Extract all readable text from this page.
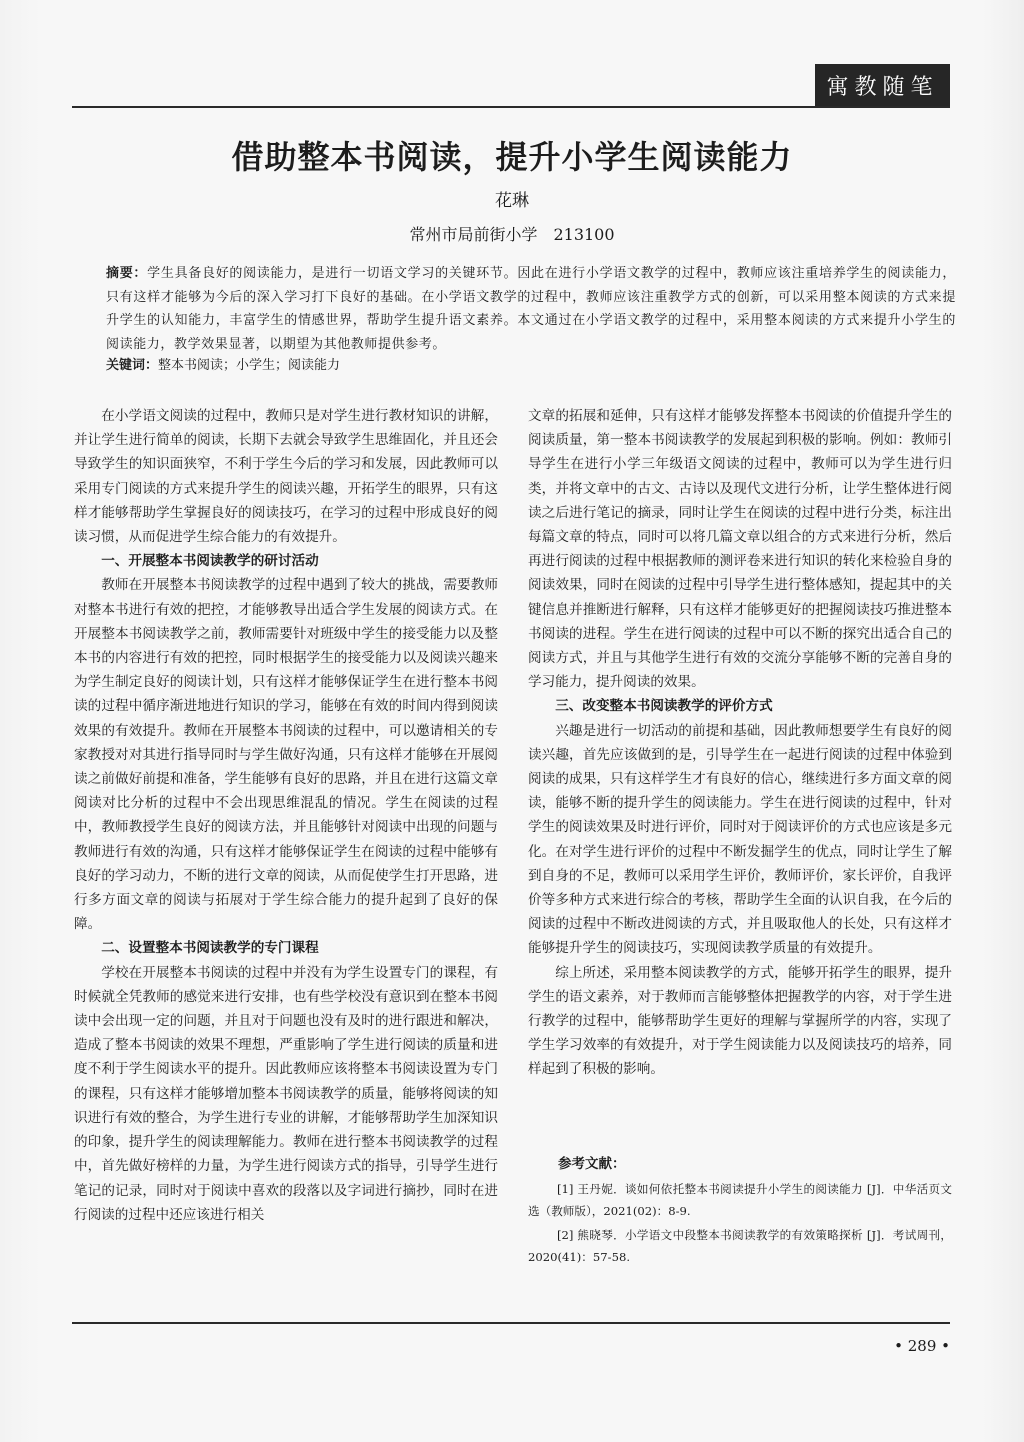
寓教随笔
借助整本书阅读，提升小学生阅读能力
花琳
常州市局前街小学　213100
摘要：学生具备良好的阅读能力，是进行一切语文学习的关键环节。因此在进行小学语文教学的过程中，教师应该注重培养学生的阅读能力，只有这样才能够为今后的深入学习打下良好的基础。在小学语文教学的过程中，教师应该注重教学方式的创新，可以采用整本阅读的方式来提升学生的认知能力，丰富学生的情感世界，帮助学生提升语文素养。本文通过在小学语文教学的过程中，采用整本阅读的方式来提升小学生的阅读能力，教学效果显著，以期望为其他教师提供参考。
关键词：整本书阅读；小学生；阅读能力

在小学语文阅读的过程中，教师只是对学生进行教材知识的讲解，并让学生进行简单的阅读，长期下去就会导致学生思维固化，并且还会导致学生的知识面狭窄，不利于学生今后的学习和发展，因此教师可以采用专门阅读的方式来提升学生的阅读兴趣，开拓学生的眼界，只有这样才能够帮助学生掌握良好的阅读技巧，在学习的过程中形成良好的阅读习惯，从而促进学生综合能力的有效提升。

一、开展整本书阅读教学的研讨活动

教师在开展整本书阅读教学的过程中遇到了较大的挑战，需要教师对整本书进行有效的把控，才能够教导出适合学生发展的阅读方式。在开展整本书阅读教学之前，教师需要针对班级中学生的接受能力以及整本书的内容进行有效的把控，同时根据学生的接受能力以及阅读兴趣来为学生制定良好的阅读计划，只有这样才能够保证学生在进行整本书阅读的过程中循序渐进地进行知识的学习，能够在有效的时间内得到阅读效果的有效提升。教师在开展整本书阅读的过程中，可以邀请相关的专家教授对对其进行指导同时与学生做好沟通，只有这样才能够在开展阅读之前做好前提和准备，学生能够有良好的思路，并且在进行这篇文章阅读对比分析的过程中不会出现思维混乱的情况。学生在阅读的过程中，教师教授学生良好的阅读方法，并且能够针对阅读中出现的问题与教师进行有效的沟通，只有这样才能够保证学生在阅读的过程中能够有良好的学习动力，不断的进行文章的阅读，从而促使学生打开思路，进行多方面文章的阅读与拓展对于学生综合能力的提升起到了良好的保障。

二、设置整本书阅读教学的专门课程

学校在开展整本书阅读的过程中并没有为学生设置专门的课程，有时候就全凭教师的感觉来进行安排，也有些学校没有意识到在整本书阅读中会出现一定的问题，并且对于问题也没有及时的进行跟进和解决，造成了整本书阅读的效果不理想，严重影响了学生进行阅读的质量和进度不利于学生阅读水平的提升。因此教师应该将整本书阅读设置为专门的课程，只有这样才能够增加整本书阅读教学的质量，能够将阅读的知识进行有效的整合，为学生进行专业的讲解，才能够帮助学生加深知识的印象，提升学生的阅读理解能力。教师在进行整本书阅读教学的过程中，首先做好榜样的力量，为学生进行阅读方式的指导，引导学生进行笔记的记录，同时对于阅读中喜欢的段落以及字词进行摘抄，同时在进行阅读的过程中还应该进行相关

文章的拓展和延伸，只有这样才能够发挥整本书阅读的价值提升学生的阅读质量，第一整本书阅读教学的发展起到积极的影响。例如：教师引导学生在进行小学三年级语文阅读的过程中，教师可以为学生进行归类，并将文章中的古文、古诗以及现代文进行分析，让学生整体进行阅读之后进行笔记的摘录，同时让学生在阅读的过程中进行分类，标注出每篇文章的特点，同时可以将几篇文章以组合的方式来进行分析，然后再进行阅读的过程中根据教师的测评卷来进行知识的转化来检验自身的阅读效果，同时在阅读的过程中引导学生进行整体感知，提起其中的关键信息并推断进行解释，只有这样才能够更好的把握阅读技巧推进整本书阅读的进程。学生在进行阅读的过程中可以不断的探究出适合自己的阅读方式，并且与其他学生进行有效的交流分享能够不断的完善自身的学习能力，提升阅读的效果。

三、改变整本书阅读教学的评价方式

兴趣是进行一切活动的前提和基础，因此教师想要学生有良好的阅读兴趣，首先应该做到的是，引导学生在一起进行阅读的过程中体验到阅读的成果，只有这样学生才有良好的信心，继续进行多方面文章的阅读，能够不断的提升学生的阅读能力。学生在进行阅读的过程中，针对学生的阅读效果及时进行评价，同时对于阅读评价的方式也应该是多元化。在对学生进行评价的过程中不断发掘学生的优点，同时让学生了解到自身的不足，教师可以采用学生评价，教师评价，家长评价，自我评价等多种方式来进行综合的考核，帮助学生全面的认识自我，在今后的阅读的过程中不断改进阅读的方式，并且吸取他人的长处，只有这样才能够提升学生的阅读技巧，实现阅读教学质量的有效提升。

综上所述，采用整本阅读教学的方式，能够开拓学生的眼界，提升学生的语文素养，对于教师而言能够整体把握教学的内容，对于学生进行教学的过程中，能够帮助学生更好的理解与掌握所学的内容，实现了学生学习效率的有效提升，对于学生阅读能力以及阅读技巧的培养，同样起到了积极的影响。

参考文献：

[1] 王丹妮．谈如何依托整本书阅读提升小学生的阅读能力 [J]．中华活页文选（教师版），2021(02)：8-9.

[2] 熊晓琴．小学语文中段整本书阅读教学的有效策略探析 [J]．考试周刊，2020(41)：57-58.

• 289 •
